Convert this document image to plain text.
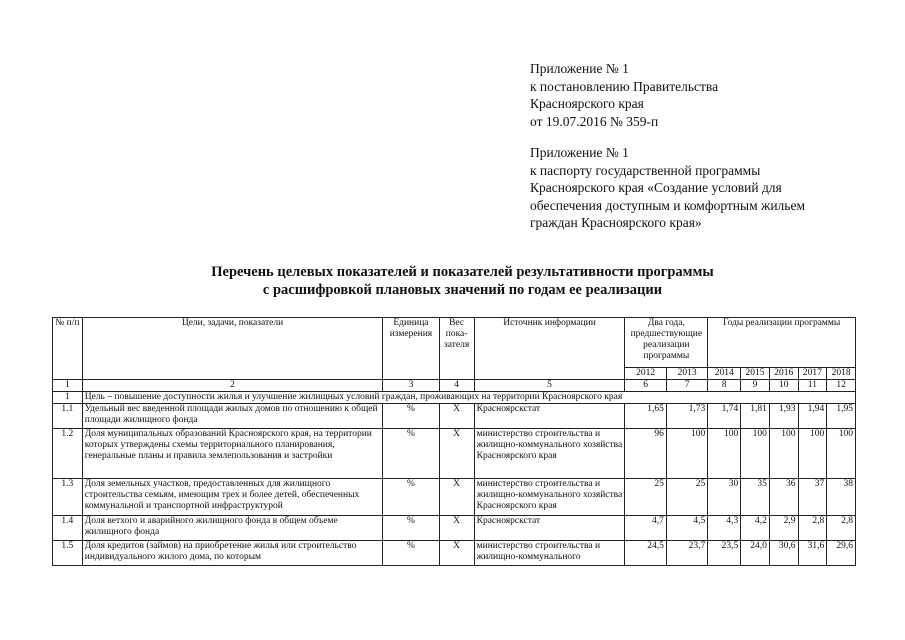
Приложение № 1
к постановлению Правительства
Красноярского края
от 19.07.2016 № 359-п
Приложение № 1
к паспорту государственной программы
Красноярского края «Создание условий для
обеспечения доступным и комфортным жильем
граждан Красноярского края»
Перечень целевых показателей и показателей результативности программы
с расшифровкой плановых значений по годам ее реализации
№ п/п	Цели, задачи, показатели	Единица измерения	Вес пока-зателя	Источник информации	Два года, предшествующие реализации программы		Годы реализации программы				
					2012	2013	2014	2015	2016	2017	2018
1	2	3	4	5	6	7	8	9	10	11	12
1	Цель – повышение доступности жилья и улучшение жилищных условий граждан, проживающих на территории Красноярского края										
1.1	Удельный вес введенной площади жилых домов по отношению к общей площади жилищного фонда	%	Х	Красноярскстат	1,65	1,73	1,74	1,81	1,93	1,94	1,95
1.2	Доля муниципальных образований Красноярского края, на территории которых утверждены схемы территориального планирования, генеральные планы и правила землепользования и застройки	%	Х	министерство строительства и жилищно-коммунального хозяйства Красноярского края	96	100	100	100	100	100	100
1.3	Доля земельных участков, предоставленных для жилищного строительства семьям, имеющим трех и более детей, обеспеченных коммунальной и транспортной инфраструктурой	%	Х	министерство строительства и жилищно-коммунального хозяйства Красноярского края	25	25	30	35	36	37	38
1.4	Доля ветхого и аварийного жилищного фонда в общем объеме жилищного фонда	%	Х	Красноярскстат	4,7	4,5	4,3	4,2	2,9	2,8	2,8
1.5	Доля кредитов (займов) на приобретение жилья или строительство индивидуального жилого дома, по которым	%	Х	министерство строительства и жилищно-коммунального	24,5	23,7	23,5	24,0	30,6	31,6	29,6
